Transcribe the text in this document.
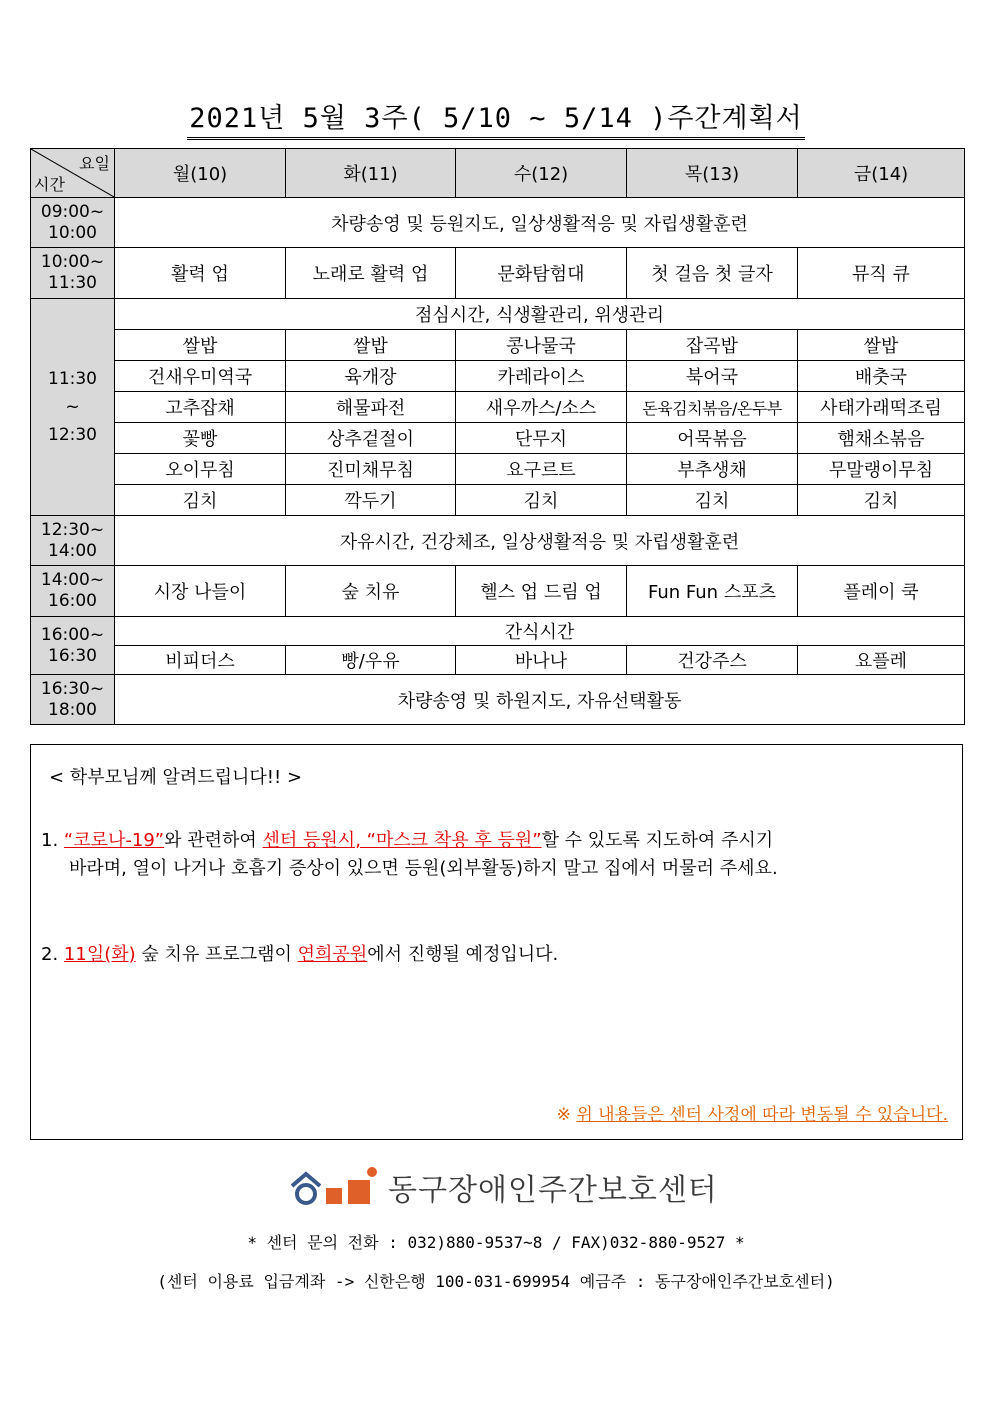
2021년 5월 3주( 5/10 ~ 5/14 )주간계획서
요일
시간	월(10)	화(11)	수(12)	목(13)	금(14)
09:00~
10:00	차량송영 및 등원지도, 일상생활적응 및 자립생활훈련				
10:00~
11:30	활력 업	노래로 활력 업	문화탐험대	첫 걸음 첫 글자	뮤직 큐
11:30
~
12:30	점심시간, 식생활관리, 위생관리				
	쌀밥	쌀밥	콩나물국	잡곡밥	쌀밥
	건새우미역국	육개장	카레라이스	북어국	배춧국
	고추잡채	해물파전	새우까스/소스	돈육김치볶음/온두부	사태가래떡조림
	꽃빵	상추겉절이	단무지	어묵볶음	햄채소볶음
	오이무침	진미채무침	요구르트	부추생채	무말랭이무침
	김치	깍두기	김치	김치	김치
12:30~
14:00	자유시간, 건강체조, 일상생활적응 및 자립생활훈련				
14:00~
16:00	시장 나들이	숲 치유	헬스 업 드림 업	Fun Fun 스포츠	플레이 쿡
16:00~
16:30	간식시간				
	비피더스	빵/우유	바나나	건강주스	요플레
16:30~
18:00	차량송영 및 하원지도, 자유선택활동				
< 학부모님께 알려드립니다!! >
1. “코로나-19”와 관련하여 센터 등원시, “마스크 착용 후 등원”할 수 있도록 지도하여 주시기
바라며, 열이 나거나 호흡기 증상이 있으면 등원(외부활동)하지 말고 집에서 머물러 주세요.
2. 11일(화) 숲 치유 프로그램이 연희공원에서 진행될 예정입니다.
※ 위 내용들은 센터 사정에 따라 변동될 수 있습니다.
동구장애인주간보호센터
* 센터 문의 전화 : 032)880-9537~8 / FAX)032-880-9527 *
(센터 이용료 입금계좌 -> 신한은행 100-031-699954 예금주 : 동구장애인주간보호센터)
